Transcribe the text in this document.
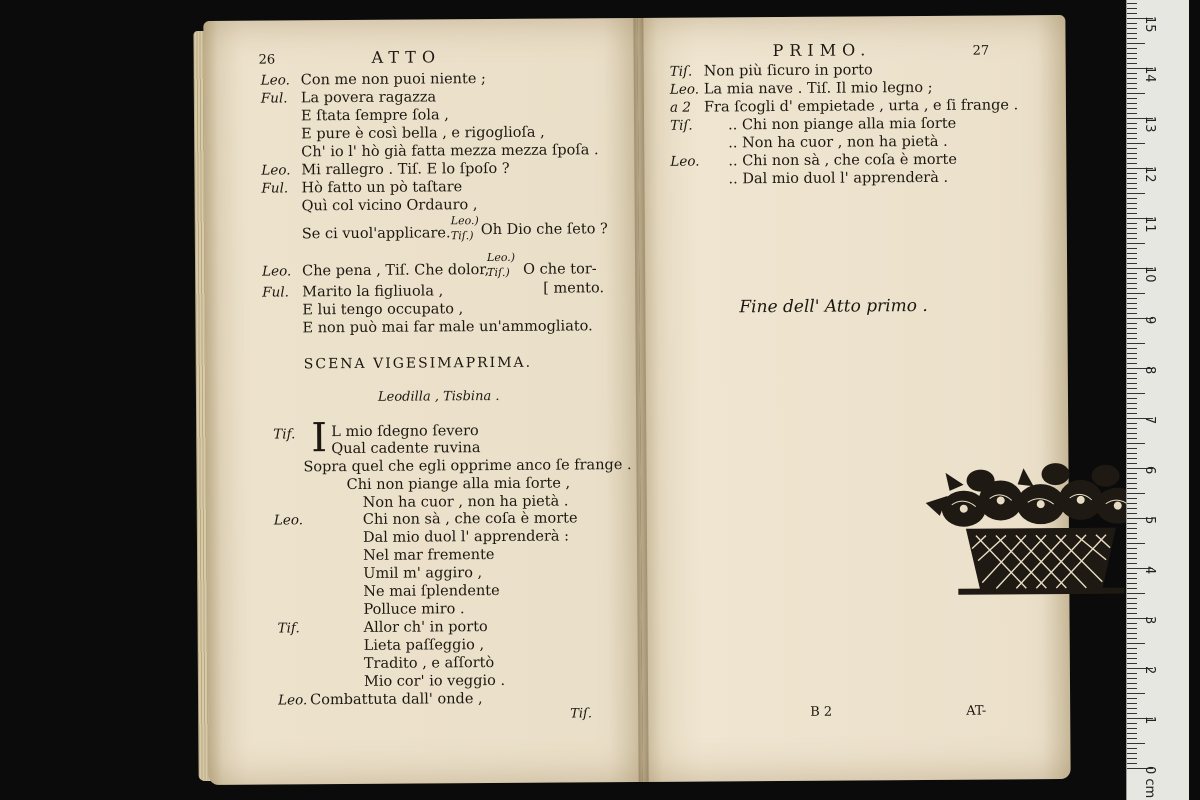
26	ATTO
Leo. Con me non puoi niente ;
Ful. La povera ragazza
E ſtata ſempre ſola ,
E pure è così bella , e rigoglioſa ,
Ch' io l' hò già fatta mezza mezza ſpoſa .
Leo. Mi rallegro . Tiſ. E lo ſpoſo ?
Ful. Hò fatto un pò taſtare
Quì col vicino Ordauro ,
Se ci vuol'applicare.
Leo.)
Tiſ.) Oh Dio che ſeto ?
Leo. Che pena , Tiſ. Che dolor,
Leo.)
Tiſ.) O che tor-
Ful. Marito la figliuola ,	[ mento.
E lui tengo occupato ,
E non può mai far male un'ammogliato.
SCENA VIGESIMAPRIMA.
Leodilla , Tisbina .
Tif. I L mio ſdegno ſevero
Qual cadente ruvina
Sopra quel che egli opprime anco ſe frange .
Chi non piange alla mia ſorte ,
Non ha cuor , non ha pietà .
Leo.	Chi non sà , che coſa è morte
Dal mio duol l' apprenderà :
Nel mar fremente
Umil m' aggiro ,
Ne mai ſplendente
Polluce miro .
Tif.	Allor ch' in porto
Lieta paſſeggio ,
Tradito , e aſſortò
Mio cor' io veggio .
Leo. Combattuta dall' onde ,
Tiſ.
PRIMO.	27
Tiſ. Non più ſicuro in porto
Leo. La mia nave . Tiſ. Il mio legno ;
a 2 Fra ſcogli d' empietade , urta , e ſi frange .
Tiſ. .. Chi non piange alla mia ſorte
.. Non ha cuor , non ha pietà .
Leo. .. Chi non sà , che coſa è morte
.. Dal mio duol l' apprenderà .
Fine dell' Atto primo .
B 2	AT-
0 cm
1
2
3
4
5
6
7
8
9
10
11
12
13
14
15
